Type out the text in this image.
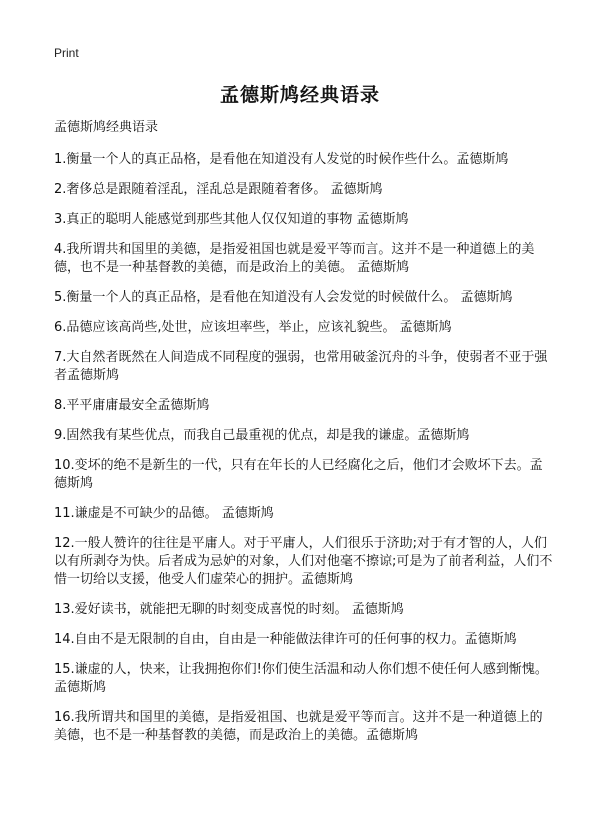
Print
孟德斯鸠经典语录

孟德斯鸠经典语录

1.衡量一个人的真正品格，是看他在知道没有人发觉的时候作些什么。孟德斯鸠
2.奢侈总是跟随着淫乱，淫乱总是跟随着奢侈。 孟德斯鸠
3.真正的聪明人能感觉到那些其他人仅仅知道的事物 孟德斯鸠
4.我所谓共和国里的美德，是指爱祖国也就是爱平等而言。这并不是一种道德上的美德，也不是一种基督教的美德，而是政治上的美德。 孟德斯鸠
5.衡量一个人的真正品格，是看他在知道没有人会发觉的时候做什么。 孟德斯鸠
6.品德应该高尚些,处世，应该坦率些，举止，应该礼貌些。 孟德斯鸠
7.大自然者既然在人间造成不同程度的强弱，也常用破釜沉舟的斗争，使弱者不亚于强者孟德斯鸠
8.平平庸庸最安全孟德斯鸠
9.固然我有某些优点，而我自己最重视的优点，却是我的谦虚。孟德斯鸠
10.变坏的绝不是新生的一代，只有在年长的人已经腐化之后，他们才会败坏下去。孟德斯鸠
11.谦虚是不可缺少的品德。 孟德斯鸠
12.一般人赞许的往往是平庸人。对于平庸人，人们很乐于济助;对于有才智的人，人们以有所剥夺为快。后者成为忌妒的对象，人们对他毫不擦谅;可是为了前者利益，人们不惜一切给以支援，他受人们虚荣心的拥护。孟德斯鸠
13.爱好读书，就能把无聊的时刻变成喜悦的时刻。 孟德斯鸠
14.自由不是无限制的自由，自由是一种能做法律许可的任何事的权力。孟德斯鸠
15.谦虚的人，快来，让我拥抱你们!你们使生活温和动人你们想不使任何人感到惭愧。孟德斯鸠
16.我所谓共和国里的美德，是指爱祖国、也就是爱平等而言。这并不是一种道德上的美德，也不是一种基督教的美德，而是政治上的美德。孟德斯鸠
